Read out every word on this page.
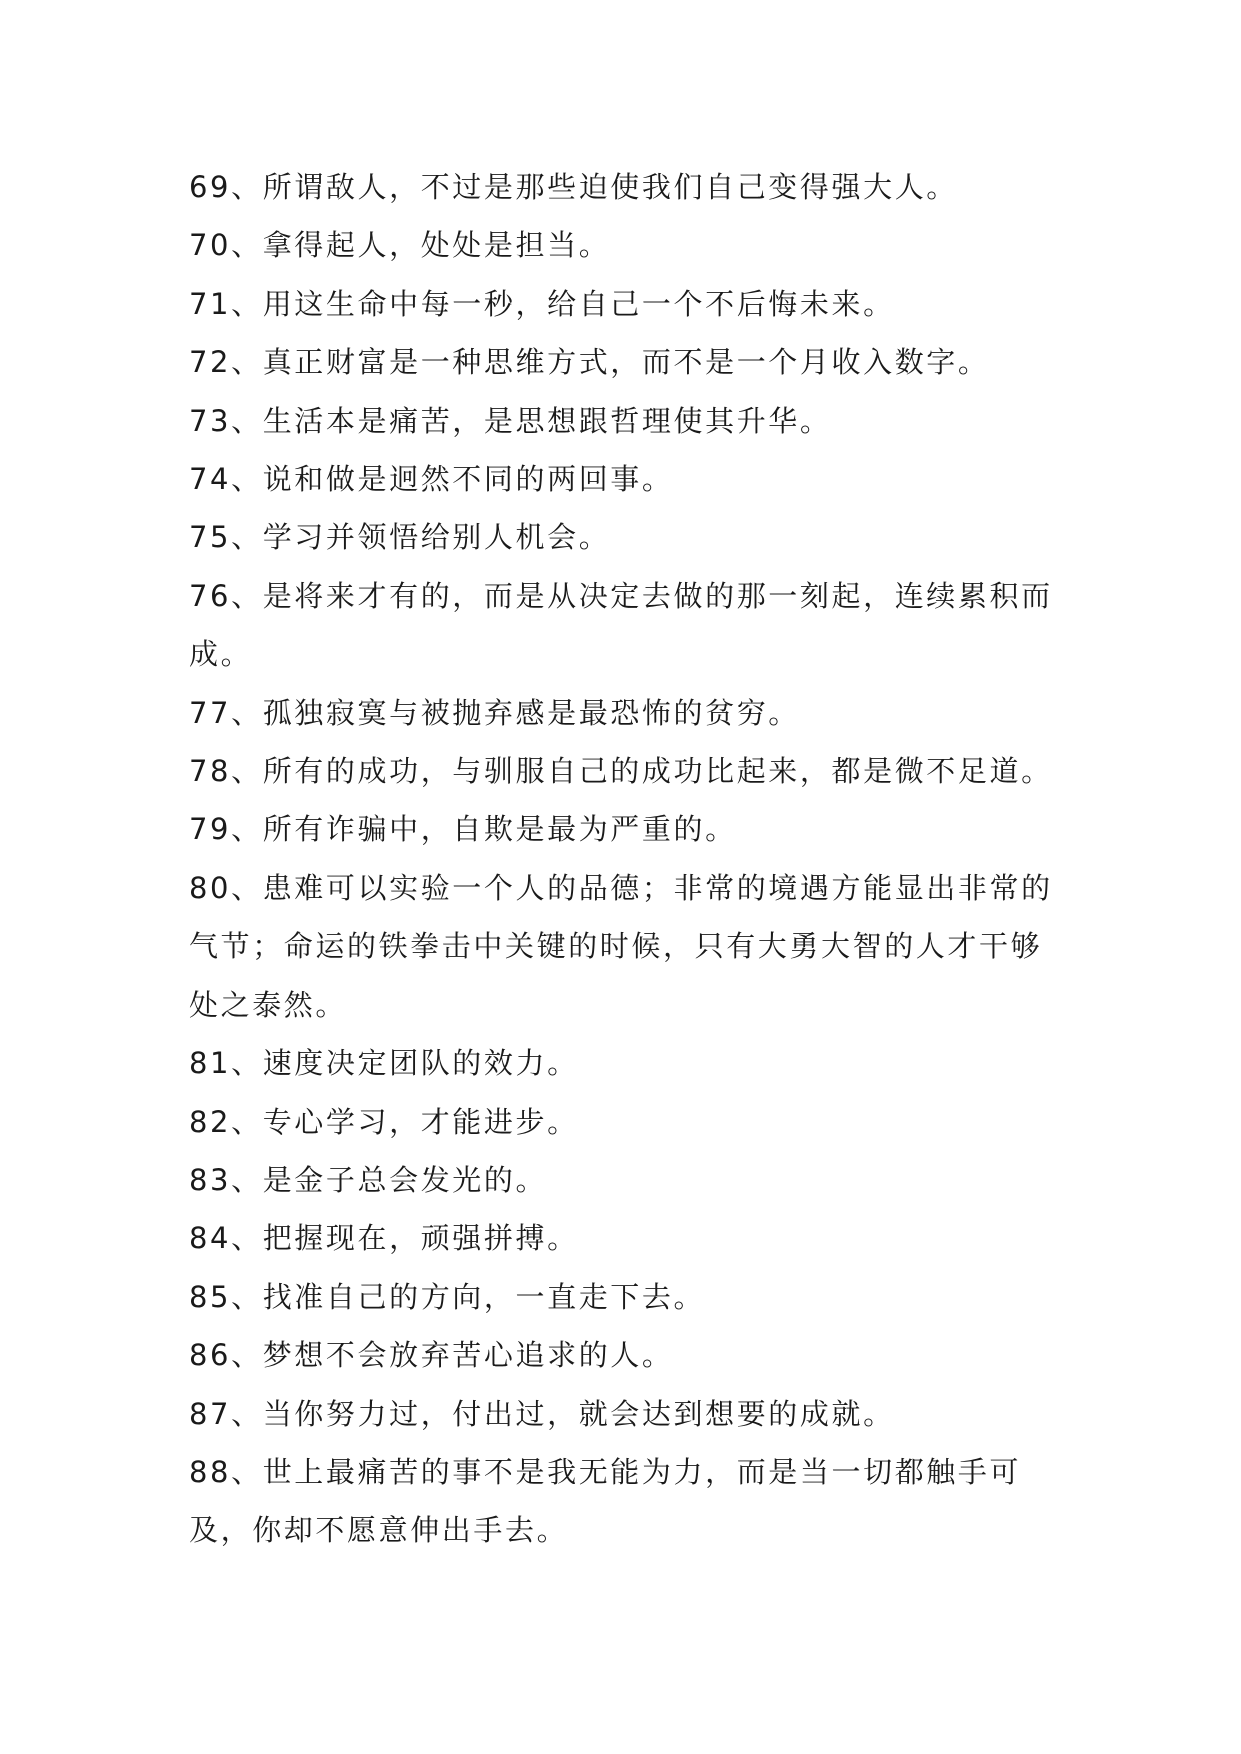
69、所谓敌人，不过是那些迫使我们自己变得强大人。

70、拿得起人，处处是担当。

71、用这生命中每一秒，给自己一个不后悔未来。

72、真正财富是一种思维方式，而不是一个月收入数字。

73、生活本是痛苦，是思想跟哲理使其升华。

74、说和做是迥然不同的两回事。

75、学习并领悟给别人机会。

76、是将来才有的，而是从决定去做的那一刻起，连续累积而成。

77、孤独寂寞与被抛弃感是最恐怖的贫穷。

78、所有的成功，与驯服自己的成功比起来，都是微不足道。

79、所有诈骗中，自欺是最为严重的。

80、患难可以实验一个人的品德；非常的境遇方能显出非常的气节；命运的铁拳击中关键的时候，只有大勇大智的人才干够处之泰然。

81、速度决定团队的效力。

82、专心学习，才能进步。

83、是金子总会发光的。

84、把握现在，顽强拼搏。

85、找准自己的方向，一直走下去。

86、梦想不会放弃苦心追求的人。

87、当你努力过，付出过，就会达到想要的成就。

88、世上最痛苦的事不是我无能为力，而是当一切都触手可及，你却不愿意伸出手去。
